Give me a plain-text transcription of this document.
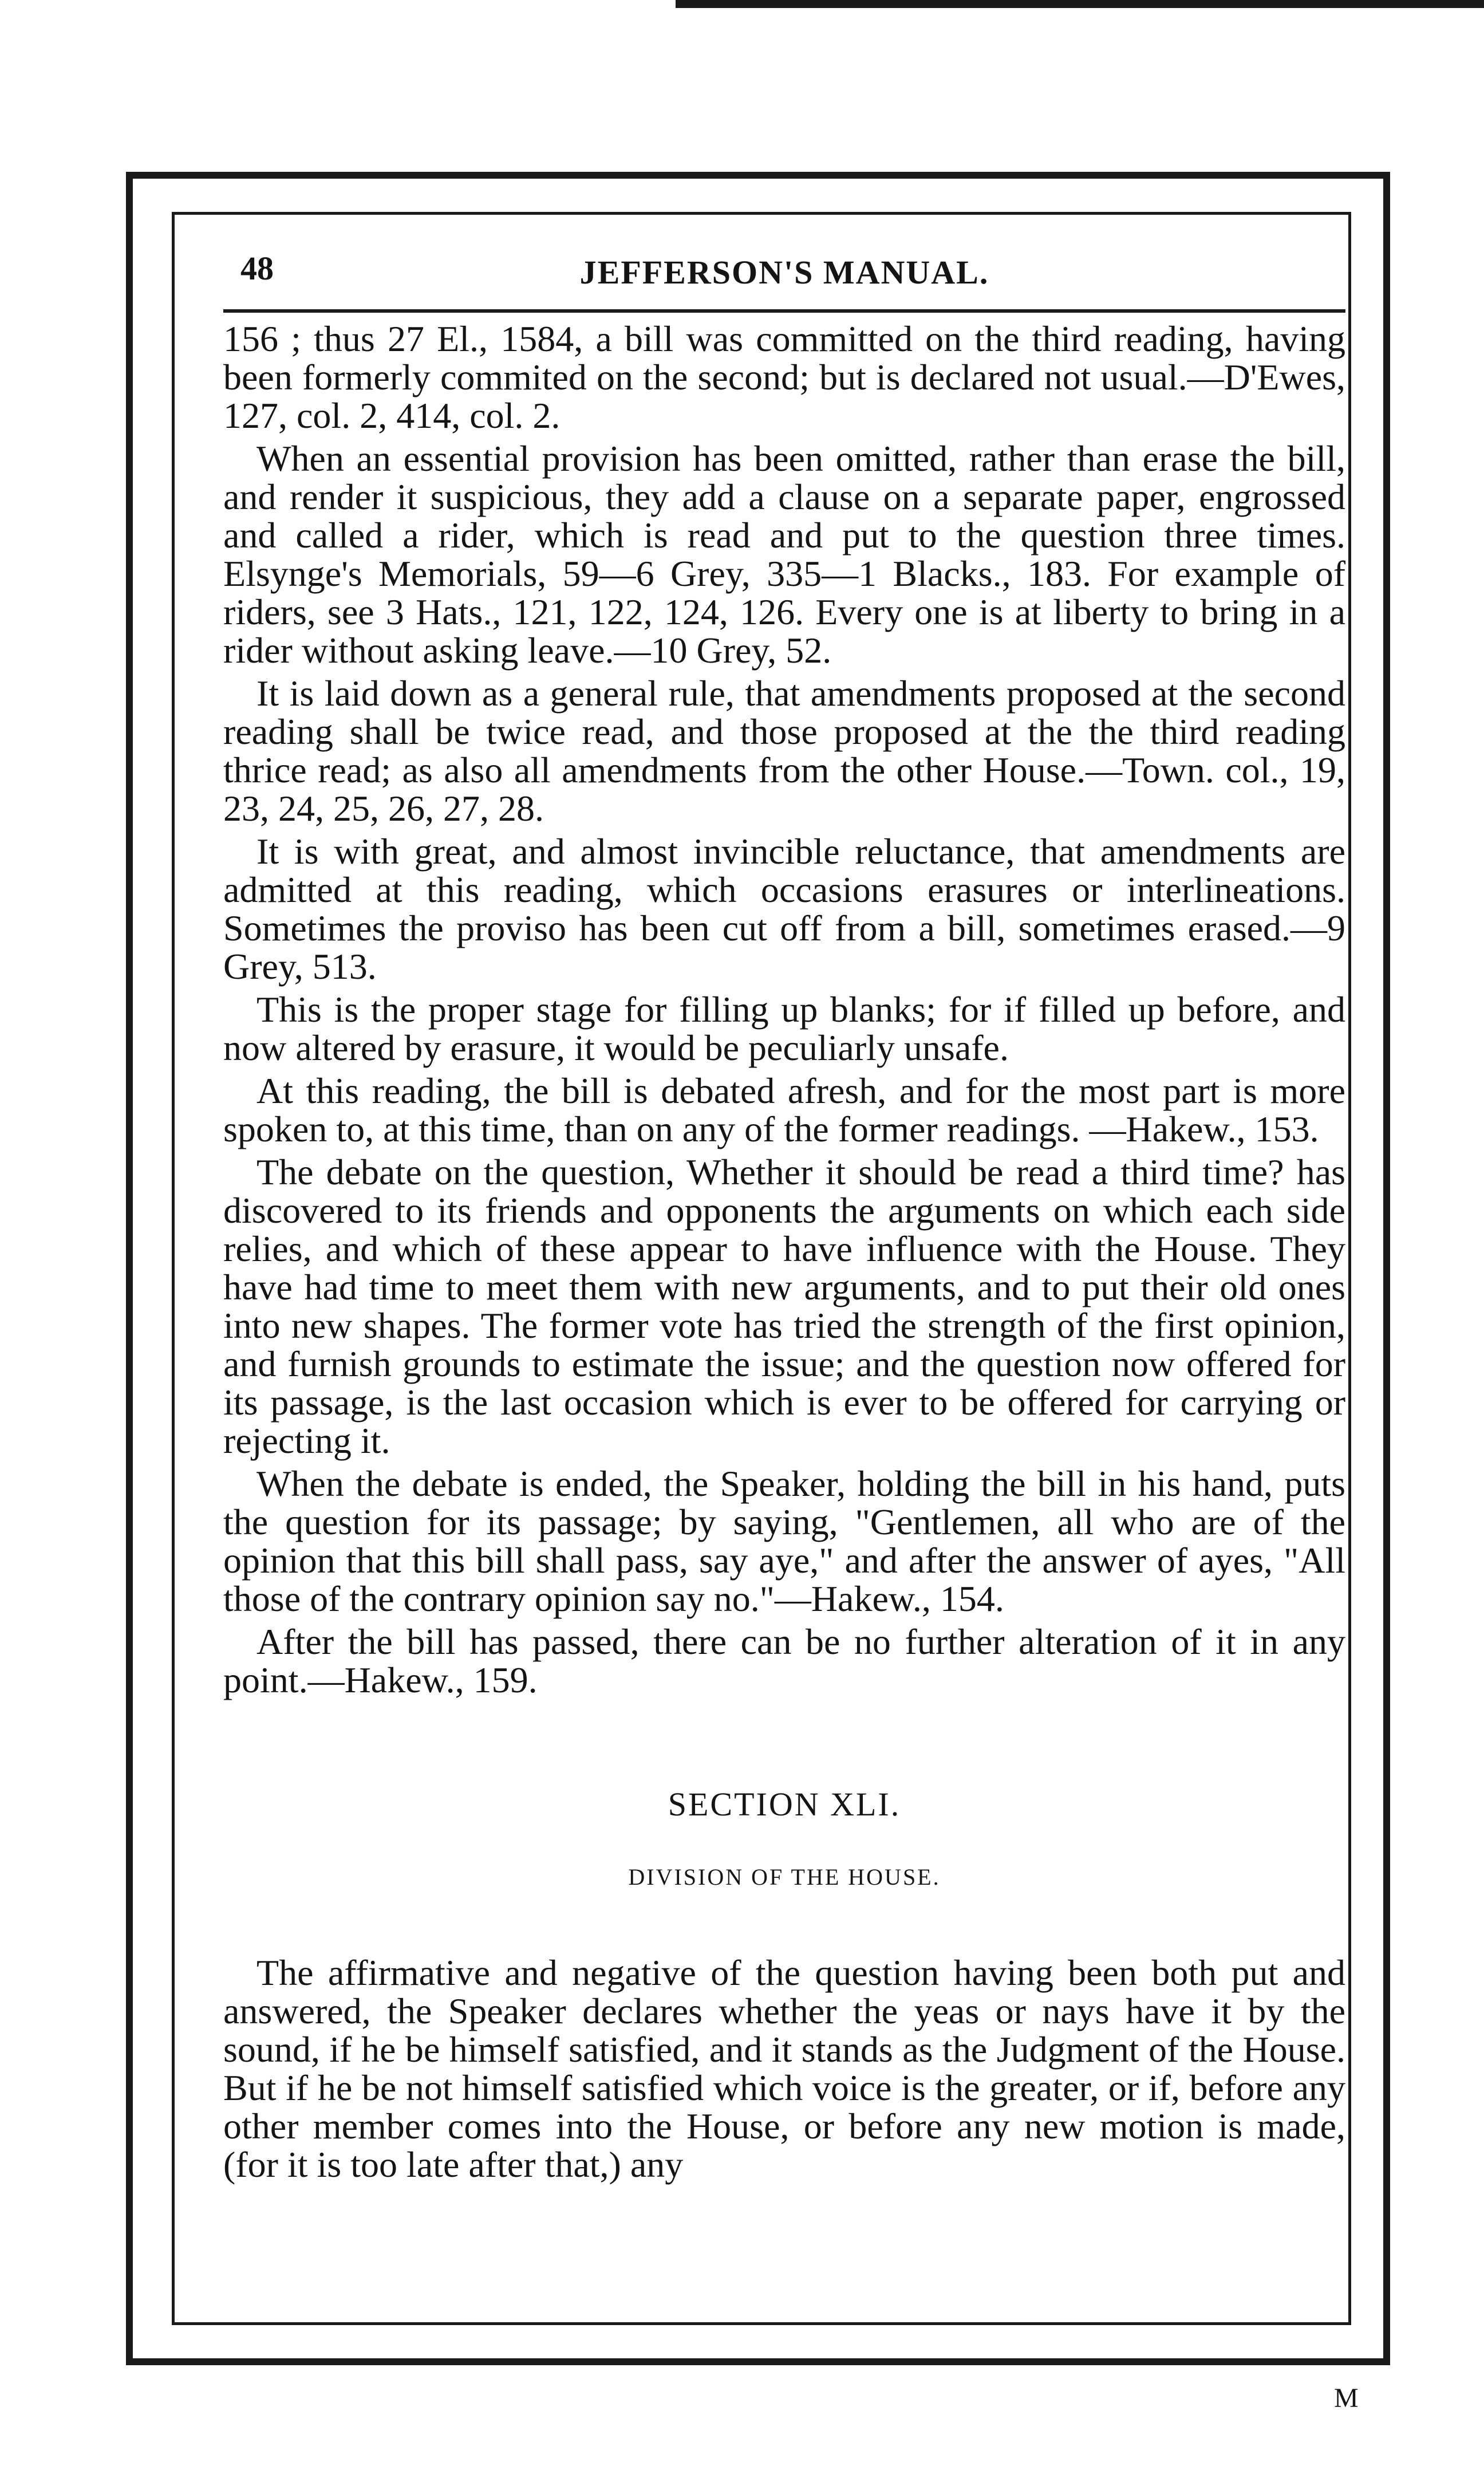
48	JEFFERSON'S MANUAL.

156 ; thus 27 El., 1584, a bill was committed on the third reading, having been formerly commited on the second; but is declared not usual.—D'Ewes, 127, col. 2, 414, col. 2.

When an essential provision has been omitted, rather than erase the bill, and render it suspicious, they add a clause on a separate paper, engrossed and called a rider, which is read and put to the question three times. Elsynge's Memorials, 59—6 Grey, 335—1 Blacks., 183. For example of riders, see 3 Hats., 121, 122, 124, 126. Every one is at liberty to bring in a rider without asking leave.—10 Grey, 52.

It is laid down as a general rule, that amendments proposed at the second reading shall be twice read, and those proposed at the the third reading thrice read; as also all amendments from the other House.—Town. col., 19, 23, 24, 25, 26, 27, 28.

It is with great, and almost invincible reluctance, that amendments are admitted at this reading, which occasions erasures or interlineations. Sometimes the proviso has been cut off from a bill, sometimes erased.—9 Grey, 513.

This is the proper stage for filling up blanks; for if filled up before, and now altered by erasure, it would be peculiarly unsafe.

At this reading, the bill is debated afresh, and for the most part is more spoken to, at this time, than on any of the former readings. —Hakew., 153.

The debate on the question, Whether it should be read a third time? has discovered to its friends and opponents the arguments on which each side relies, and which of these appear to have influence with the House. They have had time to meet them with new arguments, and to put their old ones into new shapes. The former vote has tried the strength of the first opinion, and furnish grounds to estimate the issue; and the question now offered for its passage, is the last occasion which is ever to be offered for carrying or rejecting it.

When the debate is ended, the Speaker, holding the bill in his hand, puts the question for its passage; by saying, "Gentlemen, all who are of the opinion that this bill shall pass, say aye," and after the answer of ayes, "All those of the contrary opinion say no."—Hakew., 154.

After the bill has passed, there can be no further alteration of it in any point.—Hakew., 159.

SECTION XLI.
DIVISION OF THE HOUSE.

The affirmative and negative of the question having been both put and answered, the Speaker declares whether the yeas or nays have it by the sound, if he be himself satisfied, and it stands as the Judgment of the House. But if he be not himself satisfied which voice is the greater, or if, before any other member comes into the House, or before any new motion is made, (for it is too late after that,) any

M
